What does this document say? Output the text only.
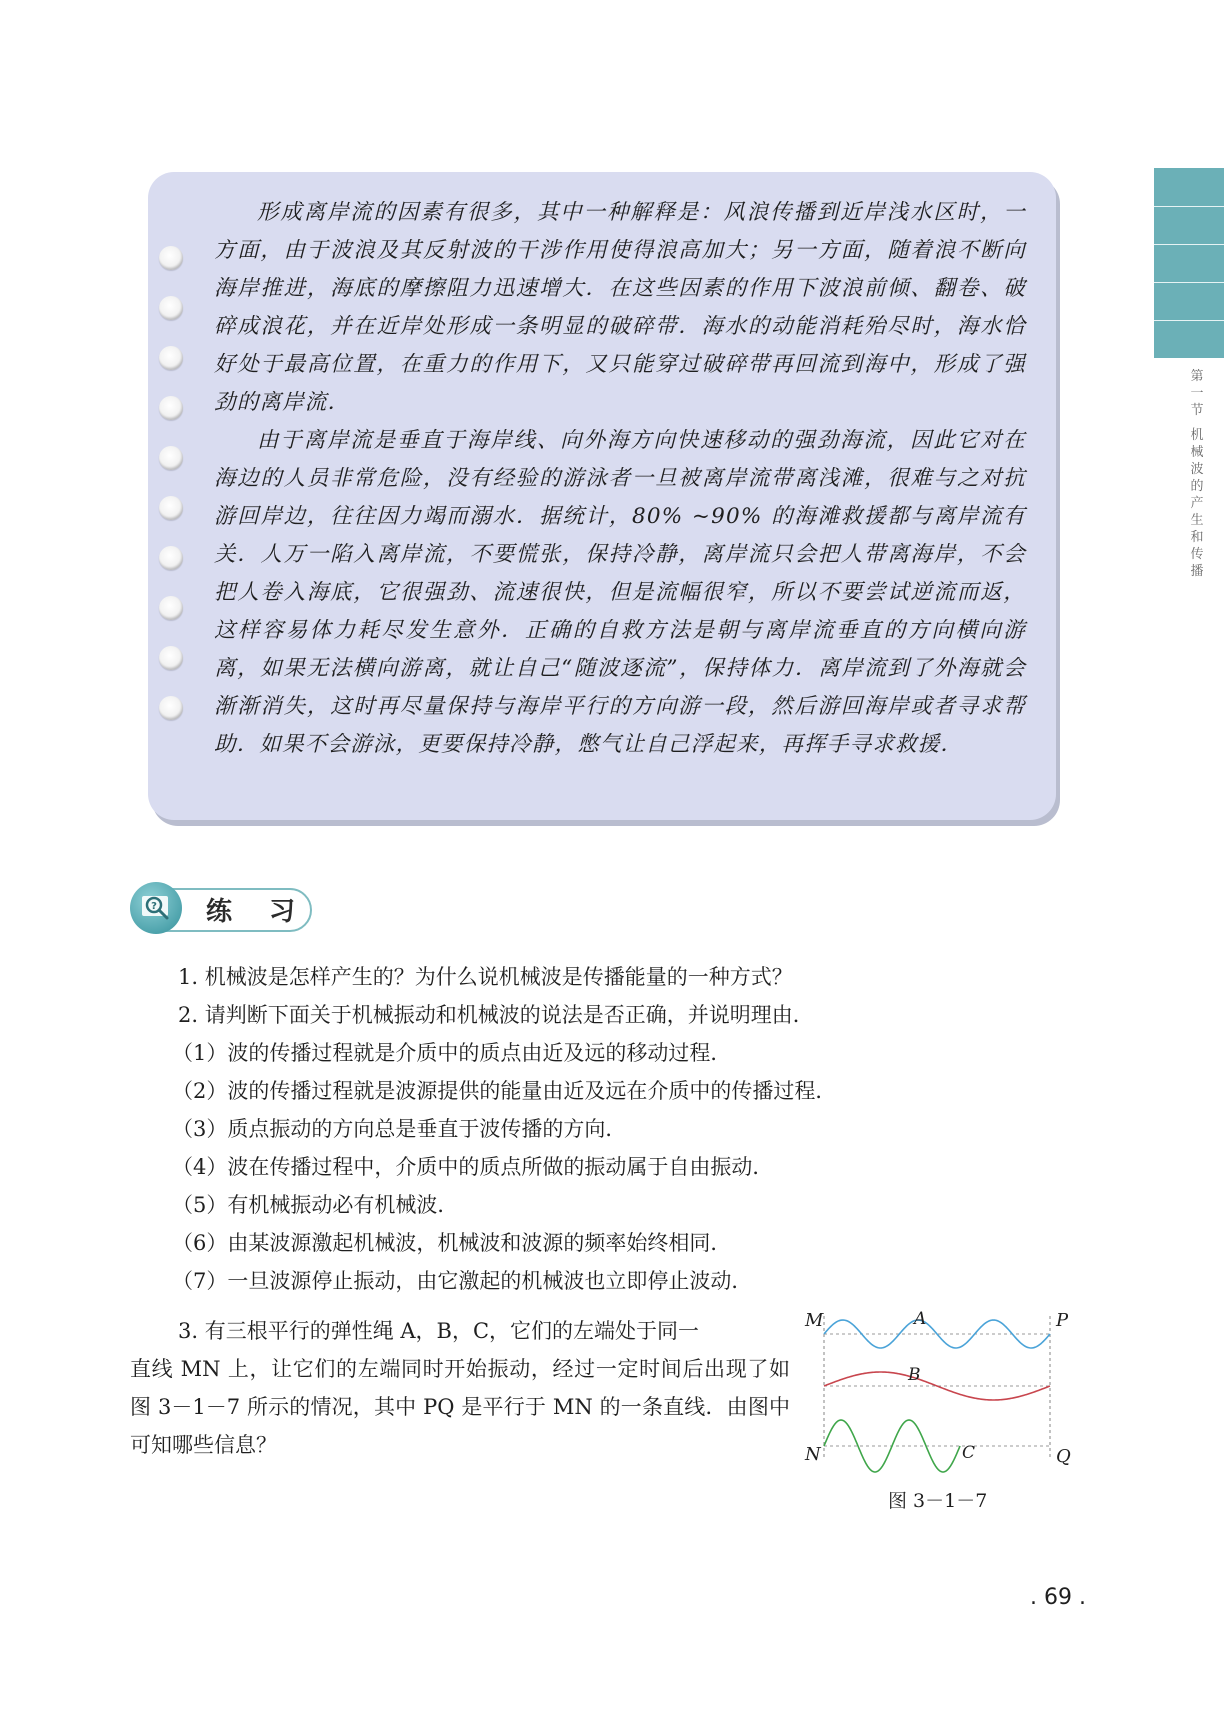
第一节
机械波的产生和传播

形成离岸流的因素有很多，其中一种解释是：风浪传播到近岸浅水区时，一方面，由于波浪及其反射波的干涉作用使得浪高加大；另一方面，随着浪不断向海岸推进，海底的摩擦阻力迅速增大．在这些因素的作用下波浪前倾、翻卷、破碎成浪花，并在近岸处形成一条明显的破碎带．海水的动能消耗殆尽时，海水恰好处于最高位置，在重力的作用下，又只能穿过破碎带再回流到海中，形成了强劲的离岸流．

由于离岸流是垂直于海岸线、向外海方向快速移动的强劲海流，因此它对在海边的人员非常危险，没有经验的游泳者一旦被离岸流带离浅滩，很难与之对抗游回岸边，往往因力竭而溺水．据统计，80% ~90% 的海滩救援都与离岸流有关．人万一陷入离岸流，不要慌张，保持冷静，离岸流只会把人带离海岸，不会把人卷入海底，它很强劲、流速很快，但是流幅很窄，所以不要尝试逆流而返，这样容易体力耗尽发生意外．正确的自救方法是朝与离岸流垂直的方向横向游离，如果无法横向游离，就让自己“随波逐流”，保持体力．离岸流到了外海就会渐渐消失，这时再尽量保持与海岸平行的方向游一段，然后游回海岸或者寻求帮助．如果不会游泳，更要保持冷静，憋气让自己浮起来，再挥手寻求救援．

? 练 习
1. 机械波是怎样产生的？为什么说机械波是传播能量的一种方式？
2. 请判断下面关于机械振动和机械波的说法是否正确，并说明理由．
（1）波的传播过程就是介质中的质点由近及远的移动过程．
（2）波的传播过程就是波源提供的能量由近及远在介质中的传播过程．
（3）质点振动的方向总是垂直于波传播的方向．
（4）波在传播过程中，介质中的质点所做的振动属于自由振动．
（5）有机械振动必有机械波．
（6）由某波源激起机械波，机械波和波源的频率始终相同．
（7）一旦波源停止振动，由它激起的机械波也立即停止波动．
3. 有三根平行的弹性绳 A，B，C，它们的左端处于同一
直线 MN 上，让它们的左端同时开始振动，经过一定时间后出现了如图 3－1－7 所示的情况，其中 PQ 是平行于 MN 的一条直线．由图中可知哪些信息？
M
N
P
Q
A
B
C
图 3－1－7
. 69 .
